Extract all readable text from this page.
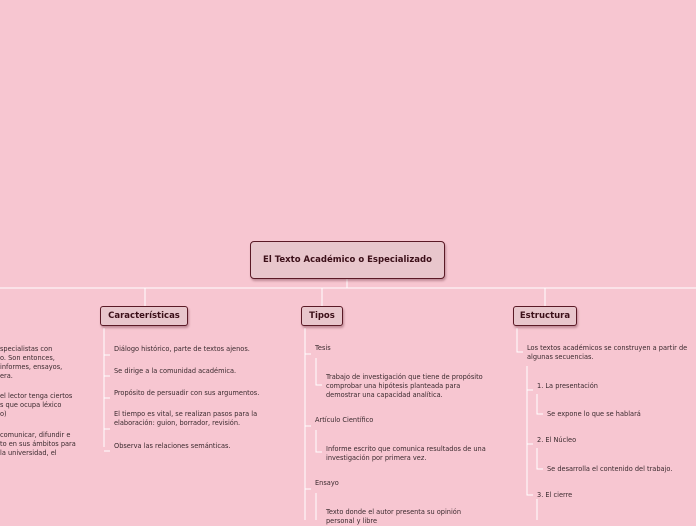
El Texto Académico o Especializado
specialistas con
o. Son entonces,
informes, ensayos,
era.
el lector tenga ciertos
s que ocupa léxico
o)
comunicar, difundir e
to en sus ámbitos para
la universidad, el
Características
Diálogo histórico, parte de textos ajenos.
Se dirige a la comunidad académica.
Propósito de persuadir con sus argumentos.
El tiempo es vital, se realizan pasos para la
elaboración: guion, borrador, revisión.
Observa las relaciones semánticas.
Tipos
Tesis
Trabajo de investigación que tiene de propósito
comprobar una hipótesis planteada para
demostrar una capacidad analítica.
Artículo Científico
Informe escrito que comunica resultados de una
investigación por primera vez.
Ensayo
Texto donde el autor presenta su opinión
personal y libre
Estructura
Los textos académicos se construyen a partir de
algunas secuencias.
1. La presentación
Se expone lo que se hablará
2. El Núcleo
Se desarrolla el contenido del trabajo.
3. El cierre
